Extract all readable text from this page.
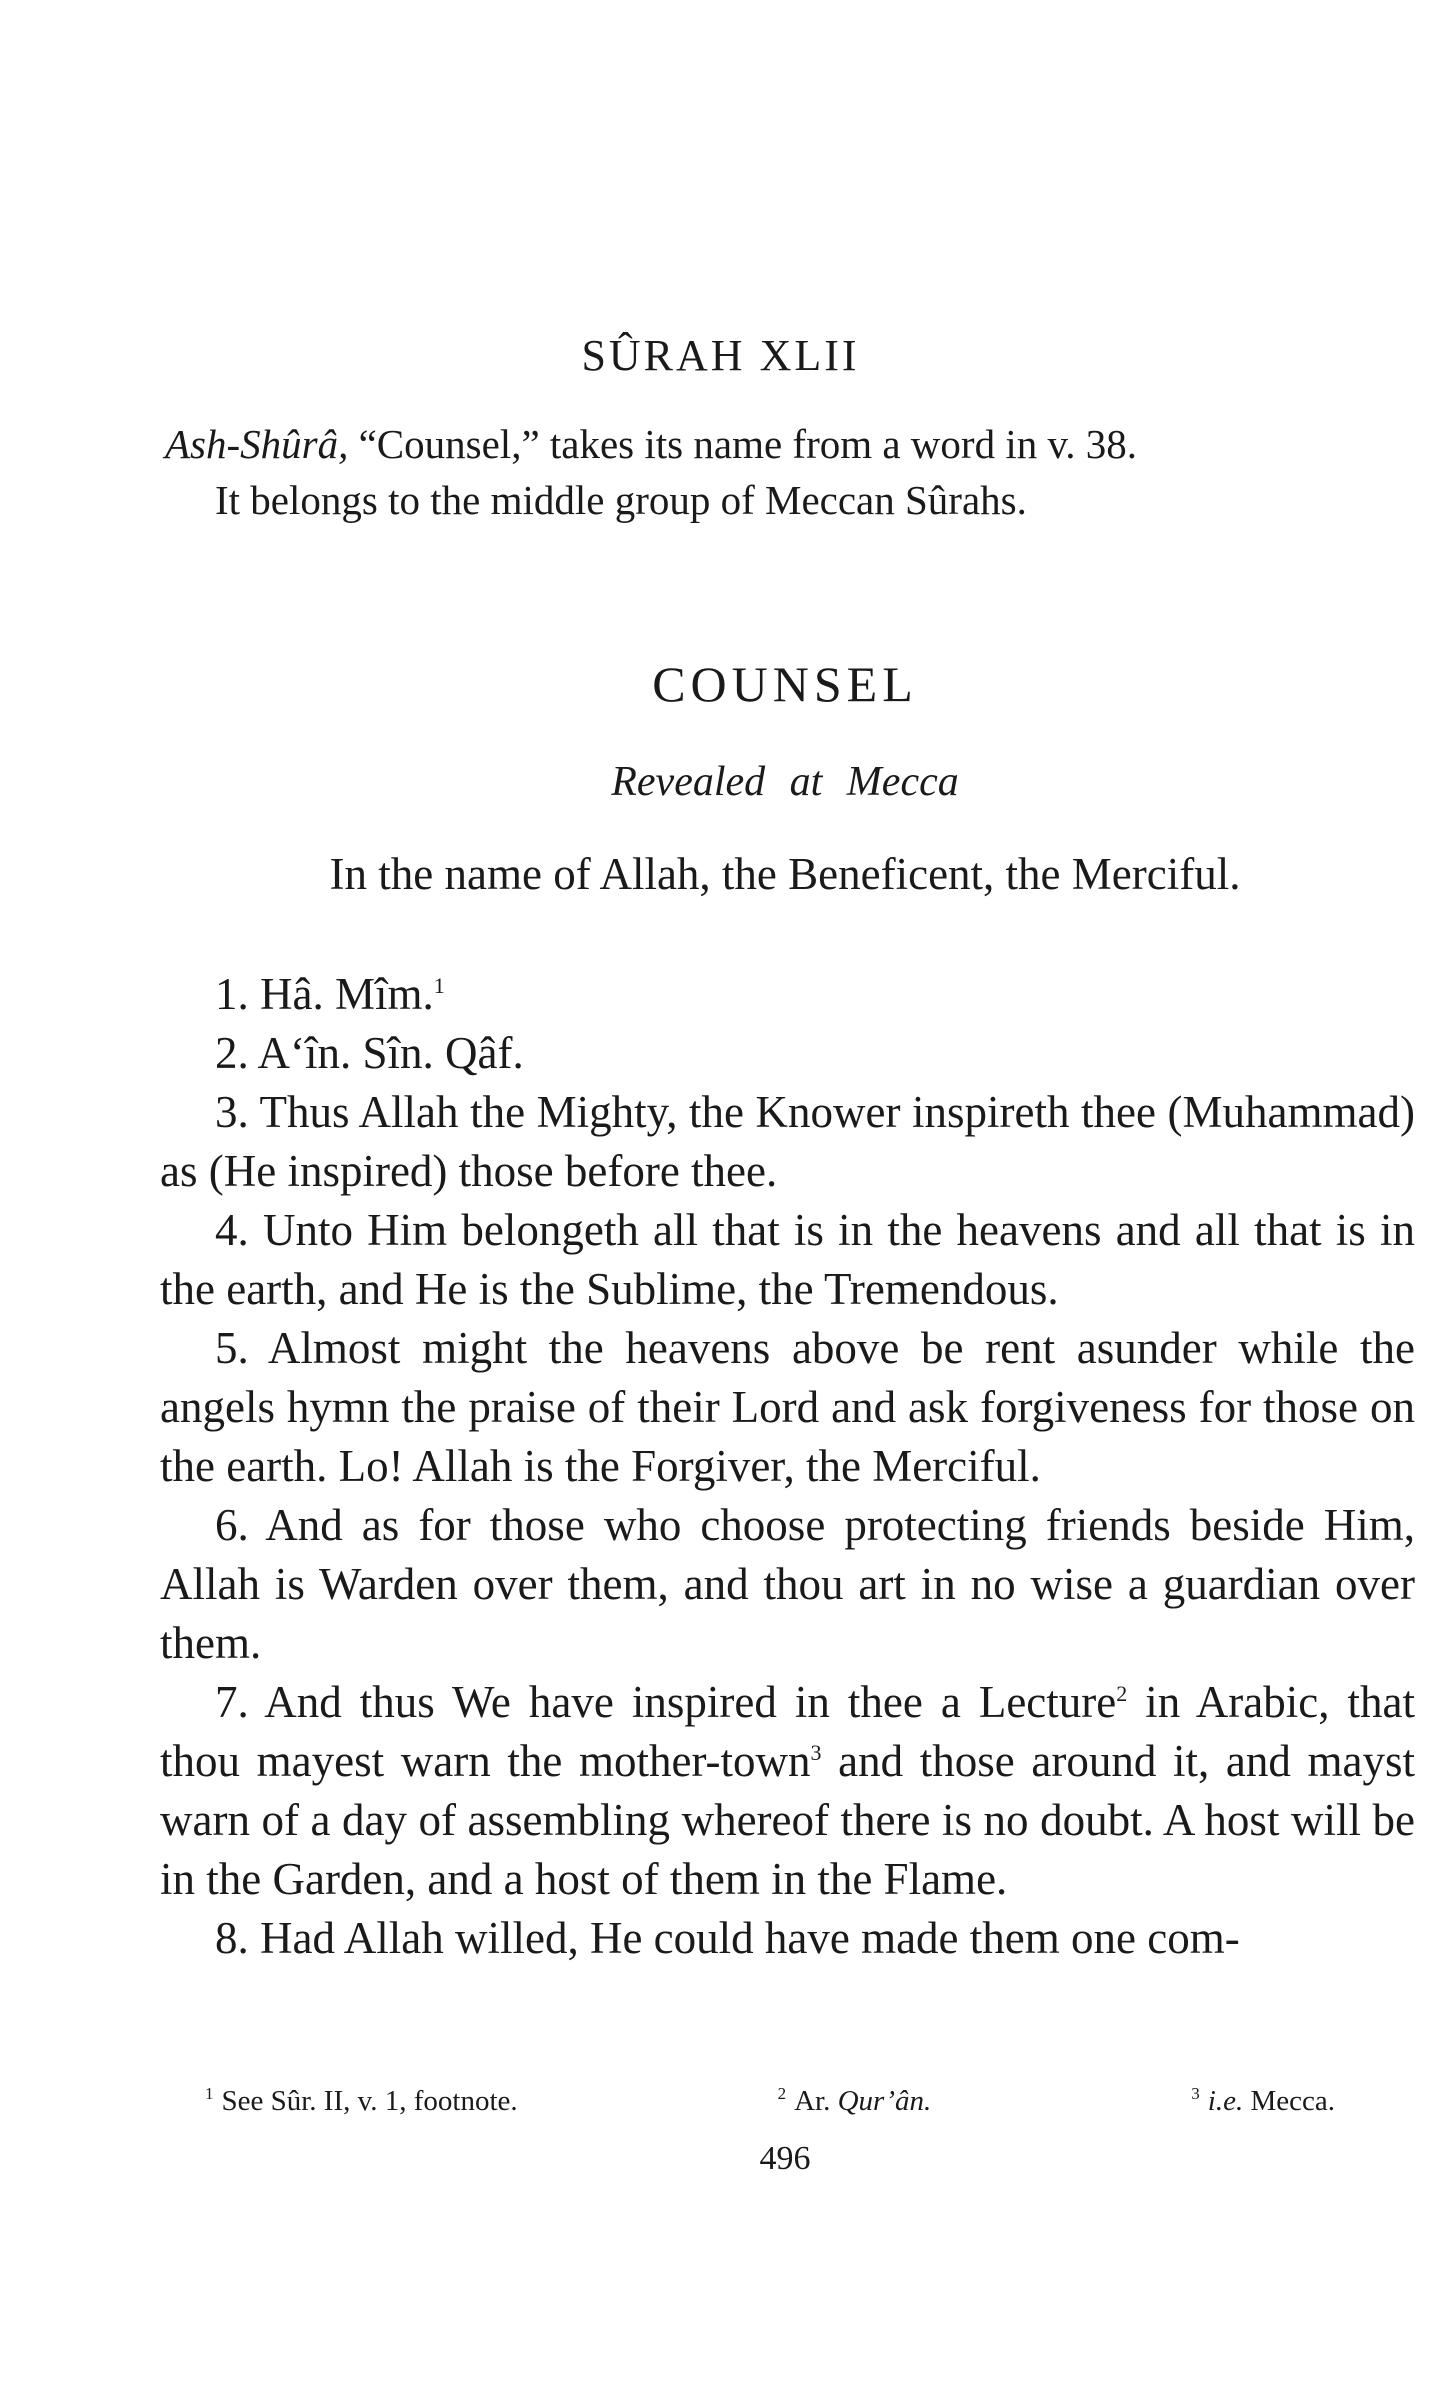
SÛRAH XLII
Ash-Shûrâ, “Counsel,” takes its name from a word in v. 38.
It belongs to the middle group of Meccan Sûrahs.
COUNSEL
Revealed at Mecca
In the name of Allah, the Beneficent, the Merciful.

1. Hâ. Mîm.$^1$

2. A‘în. Sîn. Qâf.

3. Thus Allah the Mighty, the Knower inspireth thee (Muhammad) as (He inspired) those before thee.

4. Unto Him belongeth all that is in the heavens and all that is in the earth, and He is the Sublime, the Tremendous.

5. Almost might the heavens above be rent asunder while the angels hymn the praise of their Lord and ask forgiveness for those on the earth. Lo! Allah is the Forgiver, the Merciful.

6. And as for those who choose protecting friends beside Him, Allah is Warden over them, and thou art in no wise a guardian over them.

7. And thus We have inspired in thee a Lecture$^2$ in Arabic, that thou mayest warn the mother-town$^3$ and those around it, and mayst warn of a day of assembling whereof there is no doubt. A host will be in the Garden, and a host of them in the Flame.

8. Had Allah willed, He could have made them one com-

$^1$ See Sûr. II, v. 1, footnote.	$^2$ Ar. Qur’ân.	$^3$ i.e. Mecca.
496
